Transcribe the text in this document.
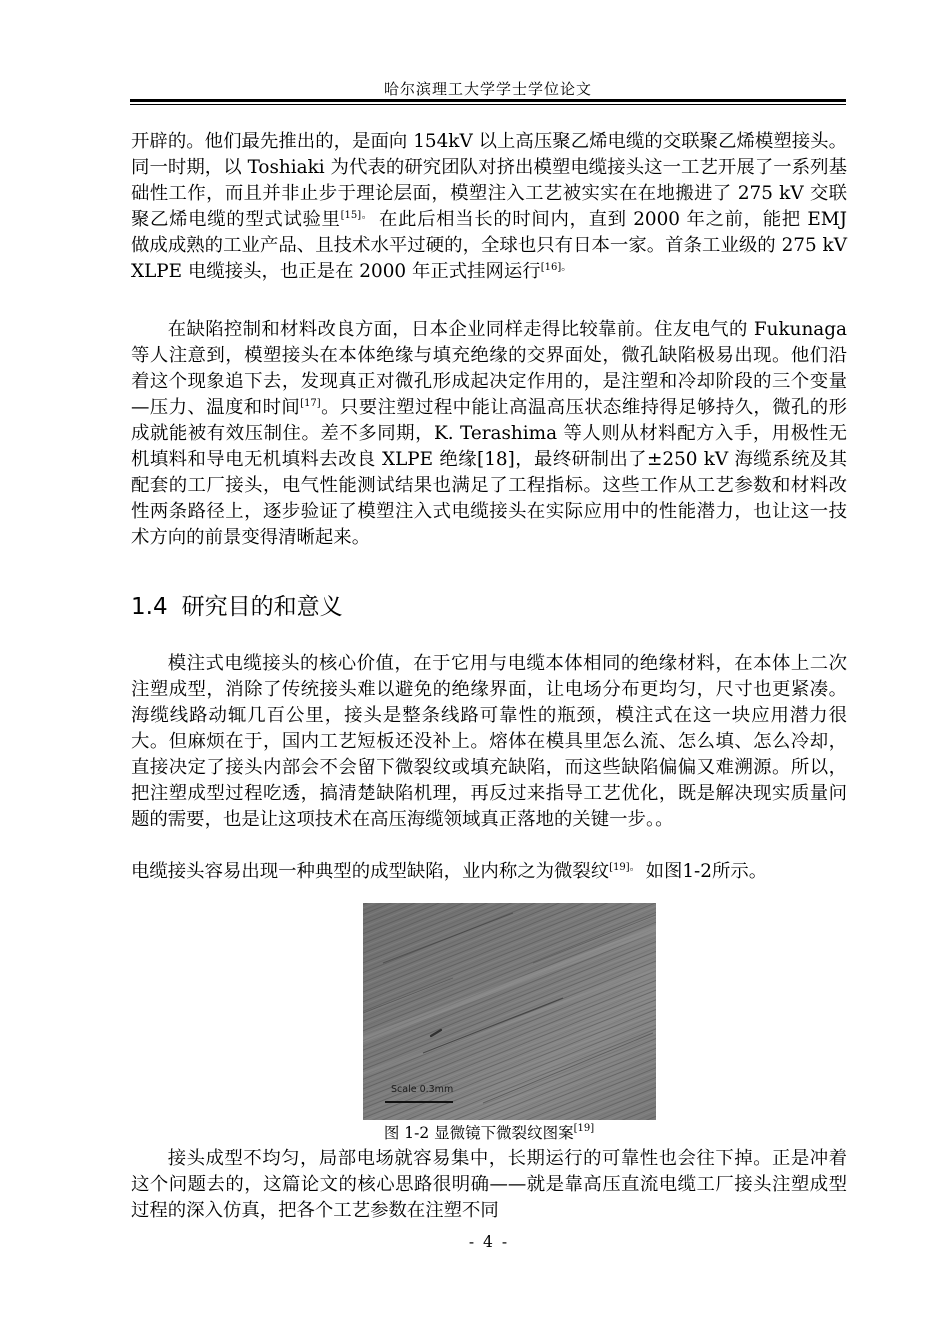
哈尔滨理工大学学士学位论文

开辟的。他们最先推出的，是面向 154kV 以上高压聚乙烯电缆的交联聚乙烯模塑接头。同一时期，以 Toshiaki 为代表的研究团队对挤出模塑电缆接头这一工艺开展了一系列基础性工作，而且并非止步于理论层面，模塑注入工艺被实实在在地搬进了 275 kV 交联聚乙烯电缆的型式试验里$^{[15]。}$ 在此后相当长的时间内，直到 2000 年之前，能把 EMJ 做成成熟的工业产品、且技术水平过硬的，全球也只有日本一家。首条工业级的 275 kV XLPE 电缆接头，也正是在 2000 年正式挂网运行$^{[16]。}$

在缺陷控制和材料改良方面，日本企业同样走得比较靠前。住友电气的 Fukunaga 等人注意到，模塑接头在本体绝缘与填充绝缘的交界面处，微孔缺陷极易出现。他们沿着这个现象追下去，发现真正对微孔形成起决定作用的，是注塑和冷却阶段的三个变量—压力、温度和时间[17]。只要注塑过程中能让高温高压状态维持得足够持久，微孔的形成就能被有效压制住。差不多同期，K. Terashima 等人则从材料配方入手，用极性无机填料和导电无机填料去改良 XLPE 绝缘[18]，最终研制出了±250 kV 海缆系统及其配套的工厂接头，电气性能测试结果也满足了工程指标。这些工作从工艺参数和材料改性两条路径上，逐步验证了模塑注入式电缆接头在实际应用中的性能潜力，也让这一技术方向的前景变得清晰起来。

1.4 研究目的和意义

模注式电缆接头的核心价值，在于它用与电缆本体相同的绝缘材料，在本体上二次注塑成型，消除了传统接头难以避免的绝缘界面，让电场分布更均匀，尺寸也更紧凑。海缆线路动辄几百公里，接头是整条线路可靠性的瓶颈，模注式在这一块应用潜力很大。但麻烦在于，国内工艺短板还没补上。熔体在模具里怎么流、怎么填、怎么冷却，直接决定了接头内部会不会留下微裂纹或填充缺陷，而这些缺陷偏偏又难溯源。所以，把注塑成型过程吃透，搞清楚缺陷机理，再反过来指导工艺优化，既是解决现实质量问题的需要，也是让这项技术在高压海缆领域真正落地的关键一步。。

电缆接头容易出现一种典型的成型缺陷，业内称之为微裂纹$^{[19]。}$ 如图1-2所示。

Scale 0.3mm
图 1-2 显微镜下微裂纹图案[19]

接头成型不均匀，局部电场就容易集中，长期运行的可靠性也会往下掉。正是冲着这个问题去的，这篇论文的核心思路很明确——就是靠高压直流电缆工厂接头注塑成型过程的深入仿真，把各个工艺参数在注塑不同

- 4 -
